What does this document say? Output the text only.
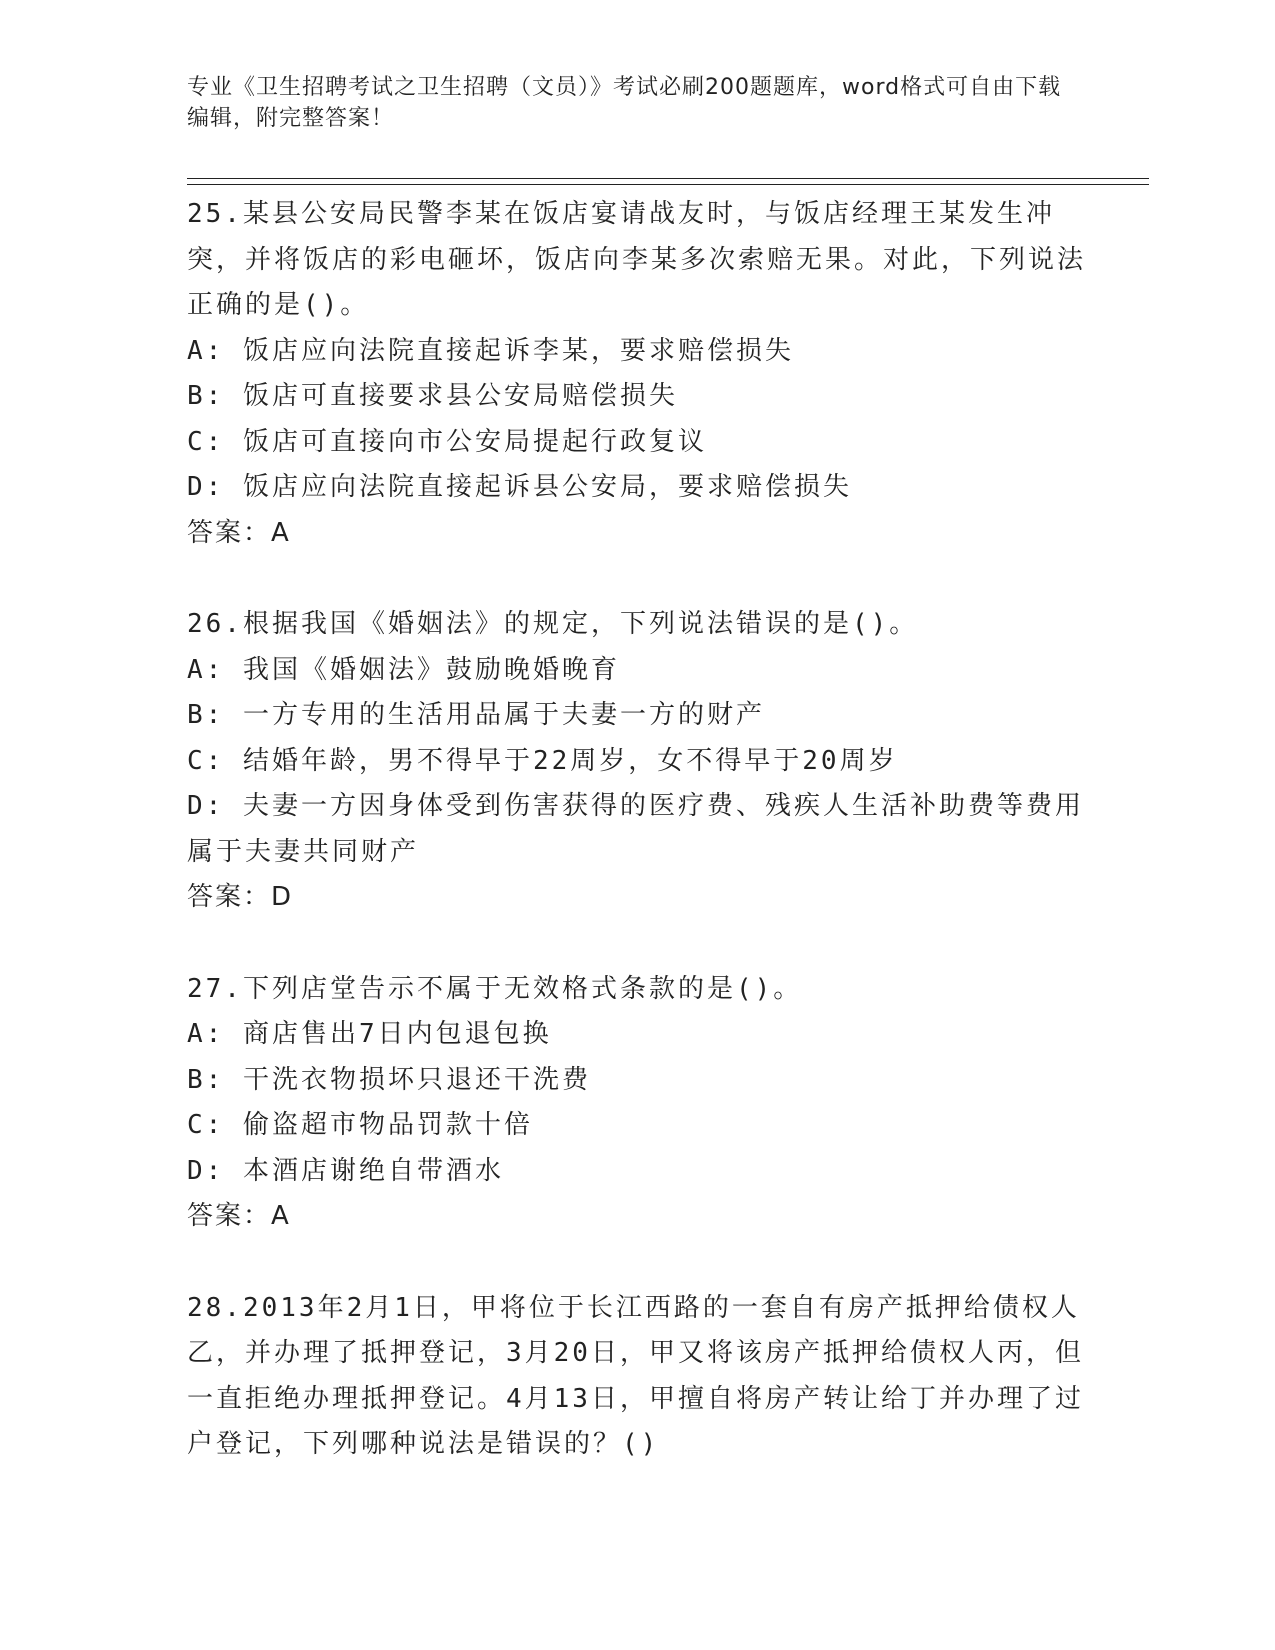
专业《卫生招聘考试之卫生招聘（文员）》考试必刷200题题库，word格式可自由下载编辑，附完整答案！

25.某县公安局民警李某在饭店宴请战友时，与饭店经理王某发生冲突，并将饭店的彩电砸坏，饭店向李某多次索赔无果。对此，下列说法正确的是()。

A: 饭店应向法院直接起诉李某，要求赔偿损失

B: 饭店可直接要求县公安局赔偿损失

C: 饭店可直接向市公安局提起行政复议

D: 饭店应向法院直接起诉县公安局，要求赔偿损失

答案：A

26.根据我国《婚姻法》的规定，下列说法错误的是()。

A: 我国《婚姻法》鼓励晚婚晚育

B: 一方专用的生活用品属于夫妻一方的财产

C: 结婚年龄，男不得早于22周岁，女不得早于20周岁

D: 夫妻一方因身体受到伤害获得的医疗费、残疾人生活补助费等费用属于夫妻共同财产

答案：D

27.下列店堂告示不属于无效格式条款的是()。

A: 商店售出7日内包退包换

B: 干洗衣物损坏只退还干洗费

C: 偷盗超市物品罚款十倍

D: 本酒店谢绝自带酒水

答案：A

28.2013年2月1日，甲将位于长江西路的一套自有房产抵押给债权人乙，并办理了抵押登记，3月20日，甲又将该房产抵押给债权人丙，但一直拒绝办理抵押登记。4月13日，甲擅自将房产转让给丁并办理了过户登记，下列哪种说法是错误的？()
